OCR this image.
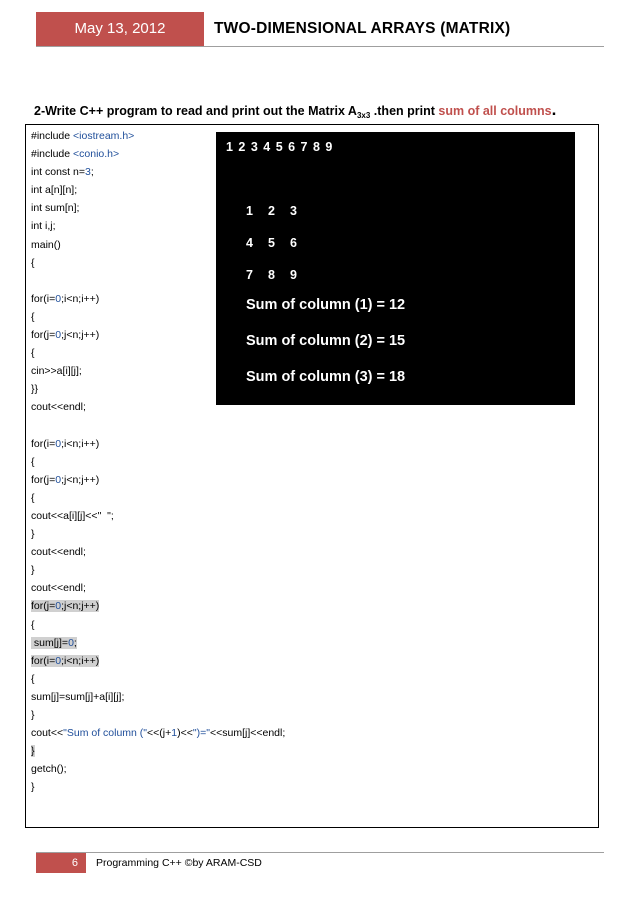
May 13, 2012	TWO-DIMENSIONAL ARRAYS (MATRIX)
2-Write C++ program to read and print out the Matrix $A_{3x3}$ .then print sum of all columns.
#include <iostream.h>
#include <conio.h>
int const n=3;
int a[n][n];
int sum[n];
int i,j;
main()
{
for(i=0;i<n;i++)
{
for(j=0;j<n;j++)
{
cin>>a[i][j];
}}
cout<<endl;
for(i=0;i<n;i++)
{
for(j=0;j<n;j++)
{
cout<<a[i][j]<<"  ";
}
cout<<endl;
}
cout<<endl;
for(j=0;j<n;j++)
{
sum[j]=0;
for(i=0;i<n;i++)
{
sum[j]=sum[j]+a[i][j];
}
cout<<"Sum of column ("<<(j+1)<<")="<<sum[j]<<endl;
}
getch();
}
1 2 3 4 5 6 7 8 9
1 2 3
4 5 6
7 8 9
Sum of column (1) = 12
Sum of column (2) = 15
Sum of column (3) = 18
6	Programming C++ ©by ARAM-CSD
